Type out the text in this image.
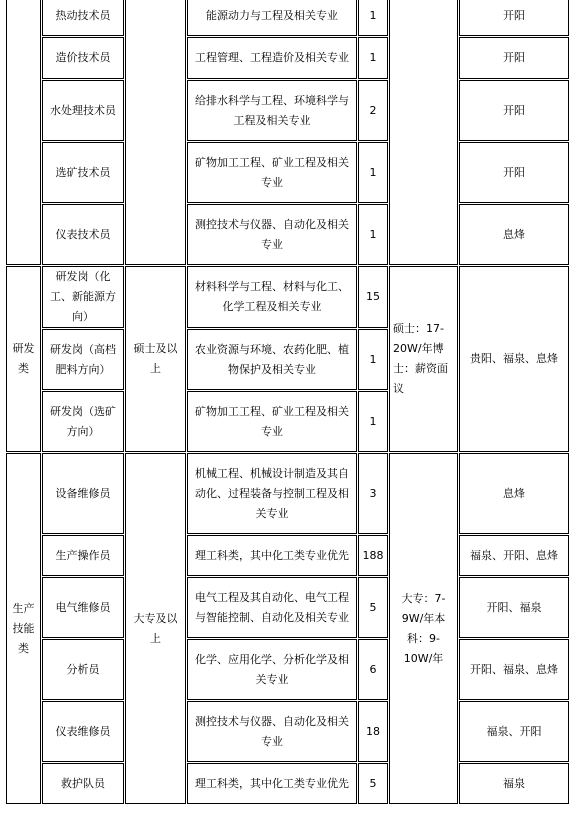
	热动技术员		能源动力与工程及相关专业	1		开阳
	造价技术员		工程管理、工程造价及相关专业	1		开阳
	水处理技术员		给排水科学与工程、环境科学与工程及相关专业	2		开阳
	选矿技术员		矿物加工工程、矿业工程及相关专业	1		开阳
	仪表技术员		测控技术与仪器、自动化及相关专业	1		息烽
研发类	研发岗（化工、新能源方向）	硕士及以上	材料科学与工程、材料与化工、化学工程及相关专业	15	硕士：17-20W/年博士：薪资面议	贵阳、福泉、息烽
	研发岗（高档肥料方向）		农业资源与环境、农药化肥、植物保护及相关专业	1		
	研发岗（选矿方向）		矿物加工工程、矿业工程及相关专业	1		
生产技能类	设备维修员	大专及以上	机械工程、机械设计制造及其自动化、过程装备与控制工程及相关专业	3	大专：7-9W/年本科：9-10W/年	息烽
	生产操作员		理工科类，其中化工类专业优先	188		福泉、开阳、息烽
	电气维修员		电气工程及其自动化、电气工程与智能控制、自动化及相关专业	5		开阳、福泉
	分析员		化学、应用化学、分析化学及相关专业	6		开阳、福泉、息烽
	仪表维修员		测控技术与仪器、自动化及相关专业	18		福泉、开阳
	救护队员		理工科类，其中化工类专业优先	5		福泉
